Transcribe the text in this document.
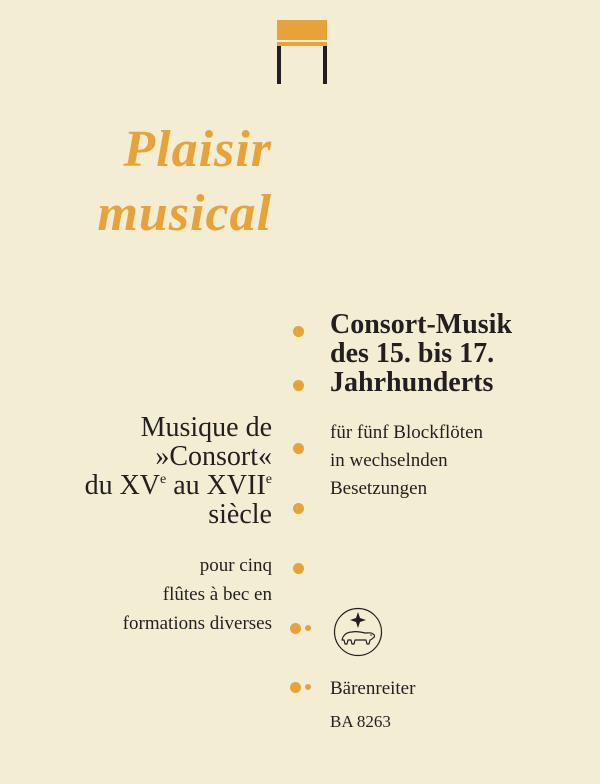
Plaisir
musical
Consort-Musik
des 15. bis 17.
Jahrhunderts
für fünf Blockflöten
in wechselnden
Besetzungen
Musique de
»Consort«
du XVe au XVIIe
siècle
pour cinq
flûtes à bec en
formations diverses
Bärenreiter
BA 8263
